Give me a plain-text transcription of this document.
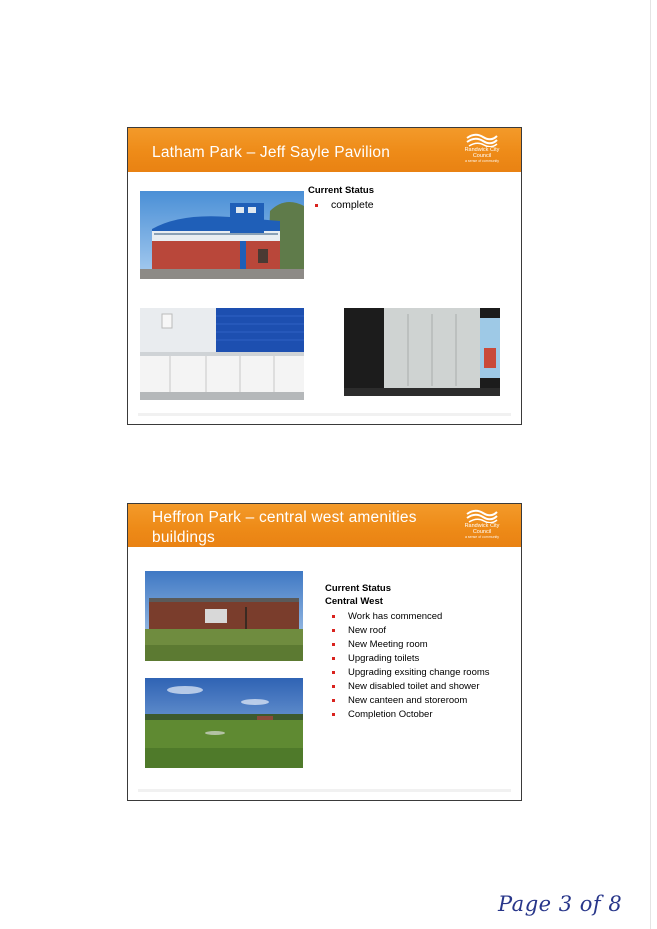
Latham Park – Jeff Sayle Pavilion	Randwick City
Council
a sense of community

Current Status

complete
Heffron Park – central west amenities buildings
Randwick City
Council
a sense of community

Current Status

Central West

Work has commenced
New roof
New Meeting room
Upgrading toilets
Upgrading exsiting change rooms
New disabled toilet and shower
New canteen and storeroom
Completion October
Page 3 of 8
